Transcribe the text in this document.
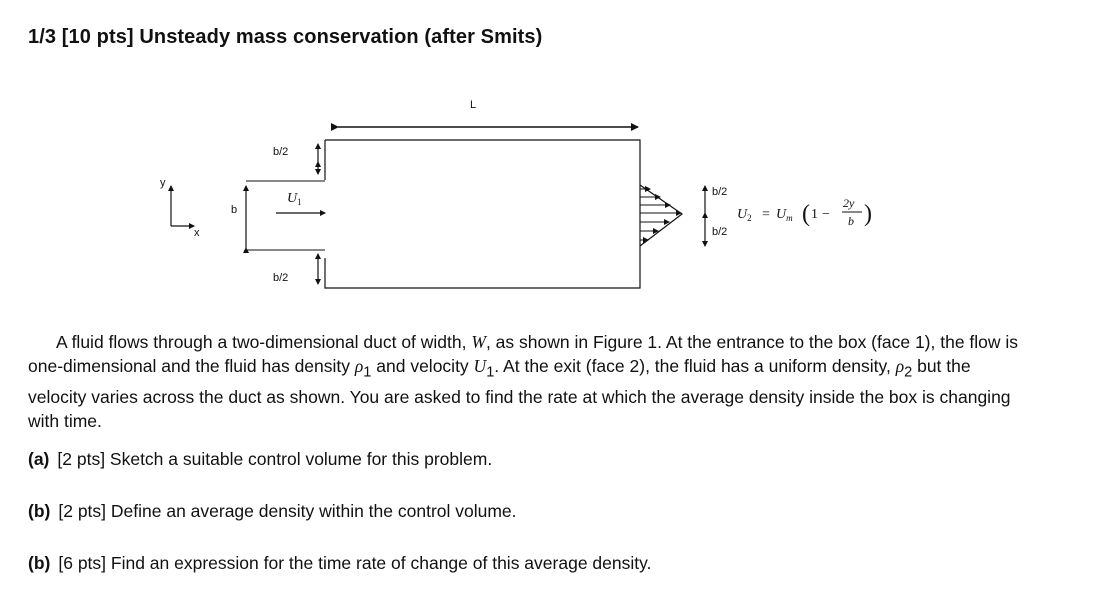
1/3 [10 pts] Unsteady mass conservation (after Smits)
L
y
x
b
b/2
b/2
$U_1$
b/2
b/2
$U_2 = U_m$ ( 1 −
2y
b )

A fluid flows through a two-dimensional duct of width, W, as shown in Figure 1. At the entrance to the box (face 1), the flow is one-dimensional and the fluid has density $\rho_1$ and velocity $U_1$. At the exit (face 2), the fluid has a uniform density, $\rho_2$ but the velocity varies across the duct as shown. You are asked to find the rate at which the average density inside the box is changing with time.

(a) [2 pts] Sketch a suitable control volume for this problem.
(b) [2 pts] Define an average density within the control volume.
(b) [6 pts] Find an expression for the time rate of change of this average density.
